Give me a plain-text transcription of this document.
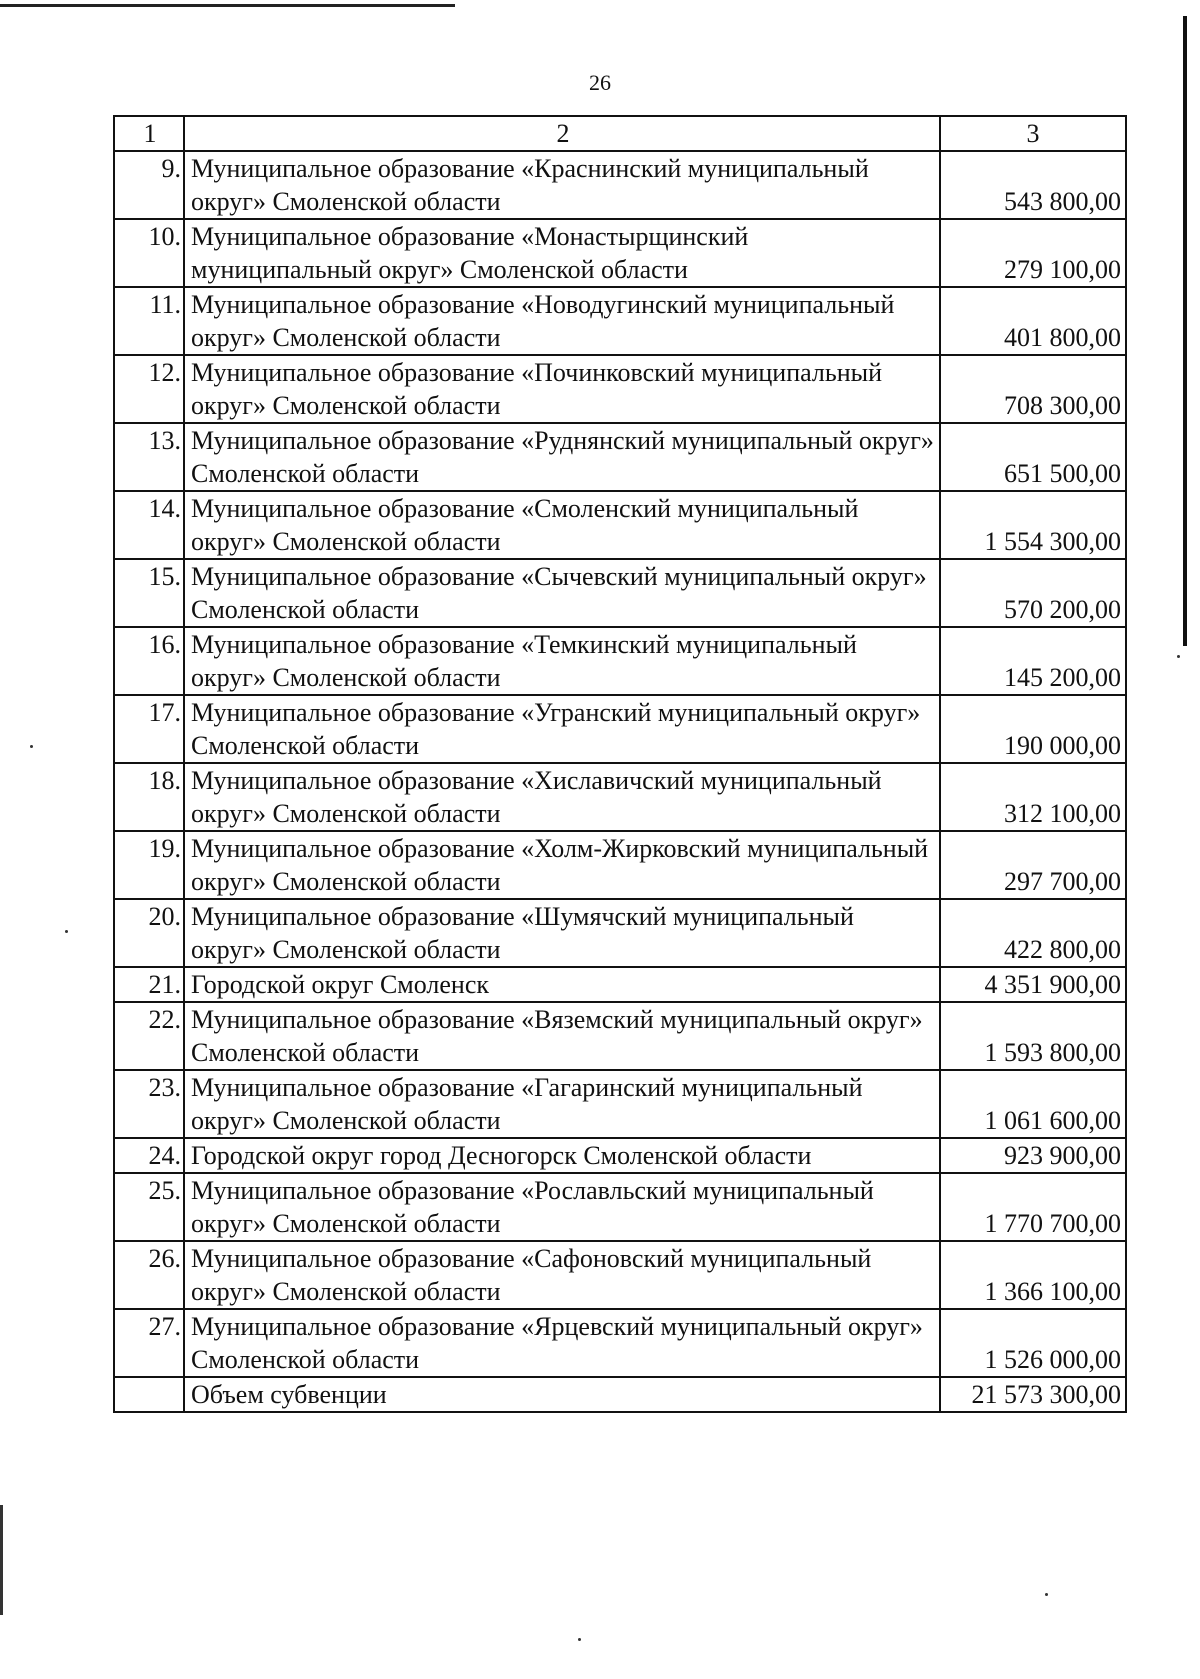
26
1	2	3
9.	Муниципальное образование «Краснинский муниципальный округ» Смоленской области	543 800,00
10.	Муниципальное образование «Монастырщинский муниципальный округ» Смоленской области	279 100,00
11.	Муниципальное образование «Новодугинский муниципальный округ» Смоленской области	401 800,00
12.	Муниципальное образование «Починковский муниципальный округ» Смоленской области	708 300,00
13.	Муниципальное образование «Руднянский муниципальный округ» Смоленской области	651 500,00
14.	Муниципальное образование «Смоленский муниципальный округ» Смоленской области	1 554 300,00
15.	Муниципальное образование «Сычевский муниципальный округ» Смоленской области	570 200,00
16.	Муниципальное образование «Темкинский муниципальный округ» Смоленской области	145 200,00
17.	Муниципальное образование «Угранский муниципальный округ» Смоленской области	190 000,00
18.	Муниципальное образование «Хиславичский муниципальный округ» Смоленской области	312 100,00
19.	Муниципальное образование «Холм-Жирковский муниципальный округ» Смоленской области	297 700,00
20.	Муниципальное образование «Шумячский муниципальный округ» Смоленской области	422 800,00
21.	Городской округ Смоленск	4 351 900,00
22.	Муниципальное образование «Вяземский муниципальный округ» Смоленской области	1 593 800,00
23.	Муниципальное образование «Гагаринский муниципальный округ» Смоленской области	1 061 600,00
24.	Городской округ город Десногорск Смоленской области	923 900,00
25.	Муниципальное образование «Рославльский муниципальный округ» Смоленской области	1 770 700,00
26.	Муниципальное образование «Сафоновский муниципальный округ» Смоленской области	1 366 100,00
27.	Муниципальное образование «Ярцевский муниципальный округ» Смоленской области	1 526 000,00
	Объем субвенции	21 573 300,00
